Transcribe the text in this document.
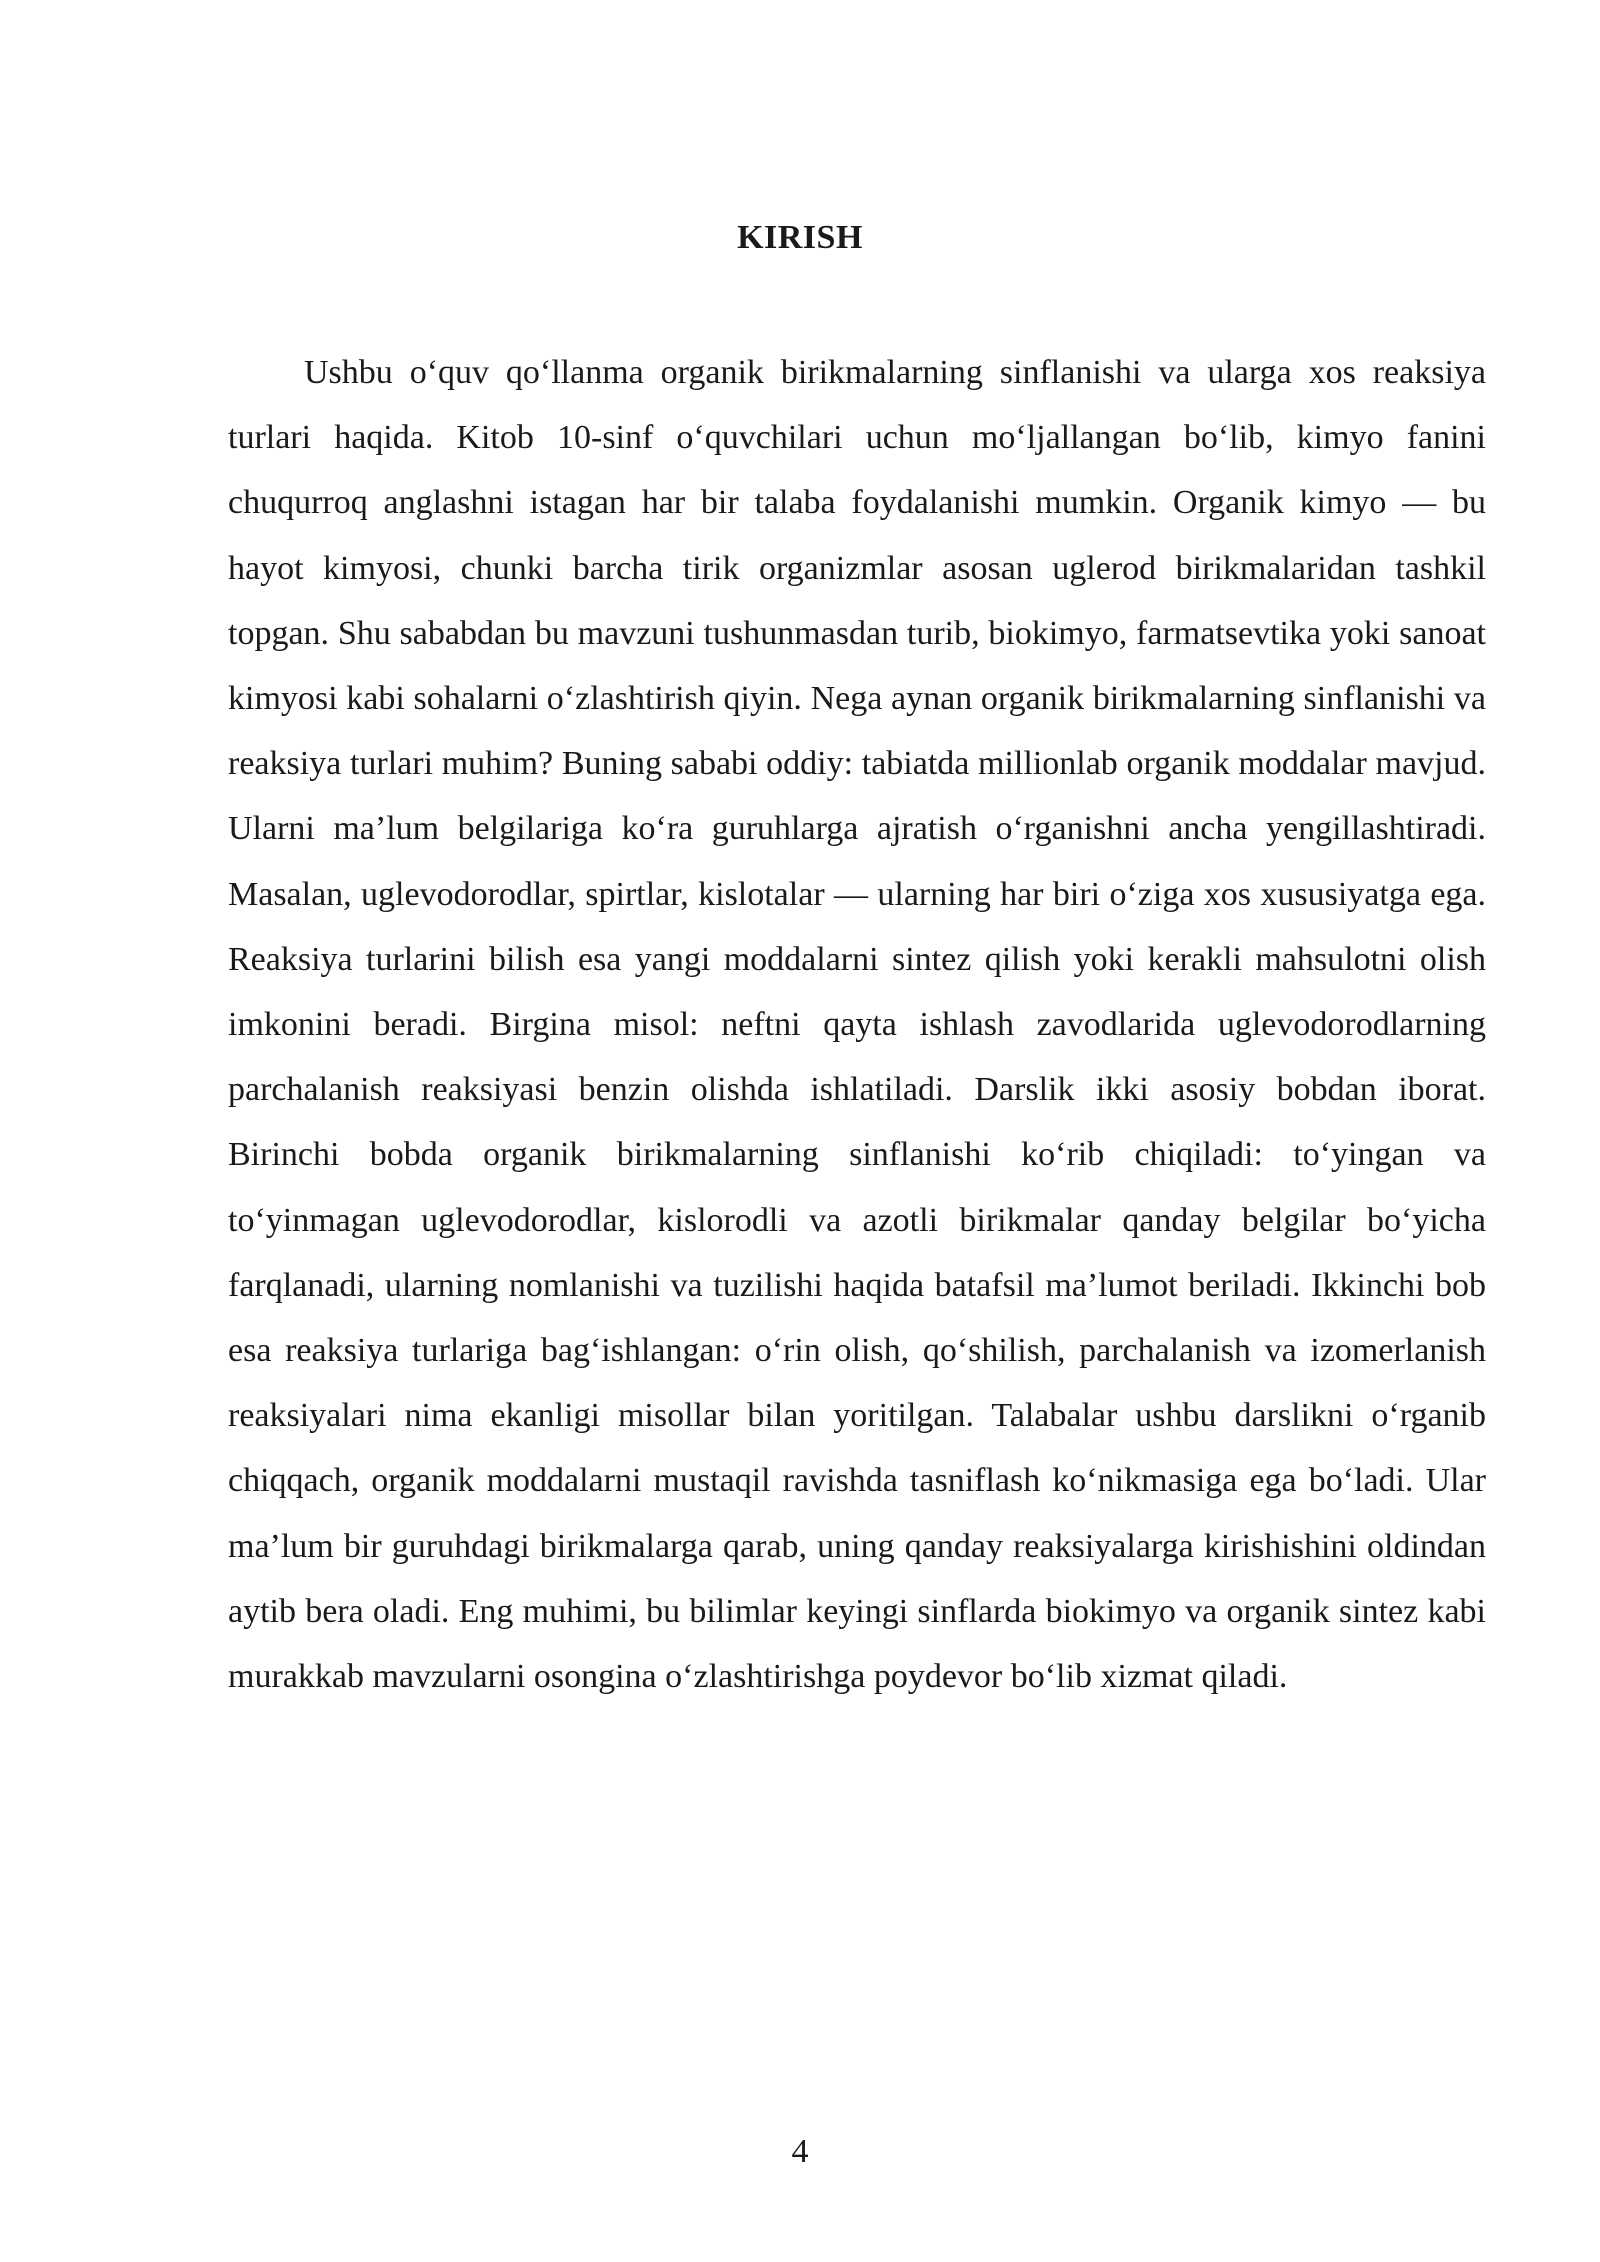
KIRISH

Ushbu o‘quv qo‘llanma organik birikmalarning sinflanishi va ularga xos reaksiya turlari haqida. Kitob 10-sinf o‘quvchilari uchun mo‘ljallangan bo‘lib, kimyo fanini chuqurroq anglashni istagan har bir talaba foydalanishi mumkin. Organik kimyo — bu hayot kimyosi, chunki barcha tirik organizmlar asosan uglerod birikmalaridan tashkil topgan. Shu sababdan bu mavzuni tushunmasdan turib, biokimyo, farmatsevtika yoki sanoat kimyosi kabi sohalarni o‘zlashtirish qiyin. Nega aynan organik birikmalarning sinflanishi va reaksiya turlari muhim? Buning sababi oddiy: tabiatda millionlab organik moddalar mavjud. Ularni ma’lum belgilariga ko‘ra guruhlarga ajratish o‘rganishni ancha yengillashtiradi. Masalan, uglevodorodlar, spirtlar, kislotalar — ularning har biri o‘ziga xos xususiyatga ega. Reaksiya turlarini bilish esa yangi moddalarni sintez qilish yoki kerakli mahsulotni olish imkonini beradi. Birgina misol: neftni qayta ishlash zavodlarida uglevodorodlarning parchalanish reaksiyasi benzin olishda ishlatiladi. Darslik ikki asosiy bobdan iborat. Birinchi bobda organik birikmalarning sinflanishi ko‘rib chiqiladi: to‘yingan va to‘yinmagan uglevodorodlar, kislorodli va azotli birikmalar qanday belgilar bo‘yicha farqlanadi, ularning nomlanishi va tuzilishi haqida batafsil ma’lumot beriladi. Ikkinchi bob esa reaksiya turlariga bag‘ishlangan: o‘rin olish, qo‘shilish, parchalanish va izomerlanish reaksiyalari nima ekanligi misollar bilan yoritilgan. Talabalar ushbu darslikni o‘rganib chiqqach, organik moddalarni mustaqil ravishda tasniflash ko‘nikmasiga ega bo‘ladi. Ular ma’lum bir guruhdagi birikmalarga qarab, uning qanday reaksiyalarga kirishishini oldindan aytib bera oladi. Eng muhimi, bu bilimlar keyingi sinflarda biokimyo va organik sintez kabi murakkab mavzularni osongina o‘zlashtirishga poydevor bo‘lib xizmat qiladi.

4
